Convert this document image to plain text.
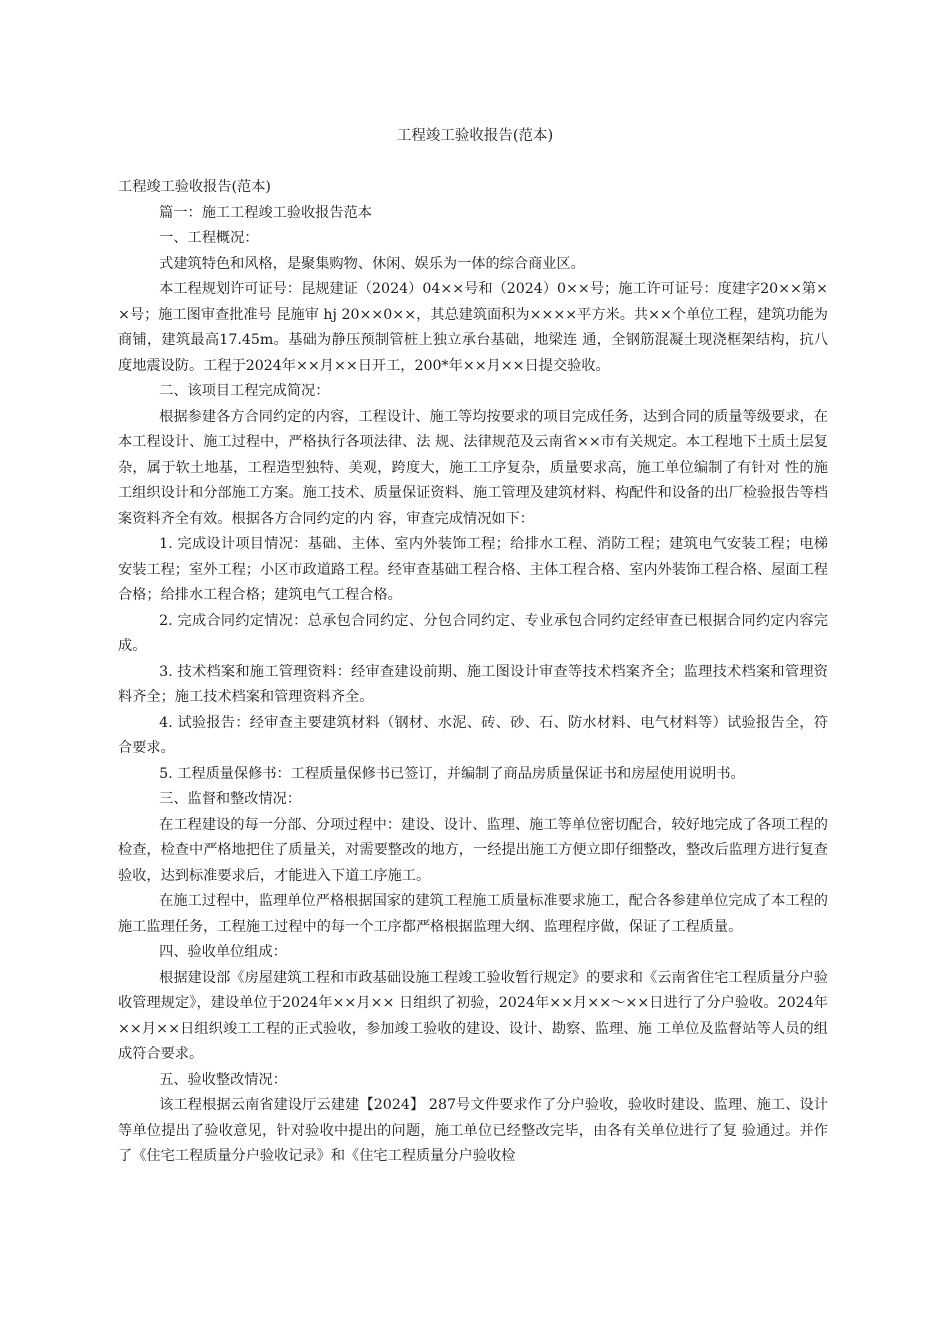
工程竣工验收报告(范本)

工程竣工验收报告(范本)

篇一：施工工程竣工验收报告范本

一、工程概况：

式建筑特色和风格，是聚集购物、休闲、娱乐为一体的综合商业区。

本工程规划许可证号：昆规建证（2024）04××号和（2024）0××号；施工许可证号：度建字20××第××号；施工图审查批准号 昆施审 hj 20××0××，其总建筑面积为××××平方米。共××个单位工程，建筑功能为商铺，建筑最高17.45m。基础为静压预制管桩上独立承台基础，地梁连 通，全钢筋混凝土现浇框架结构，抗八度地震设防。工程于2024年××月××日开工，200*年××月××日提交验收。

二、该项目工程完成简况：

根据参建各方合同约定的内容，工程设计、施工等均按要求的项目完成任务，达到合同的质量等级要求，在本工程设计、施工过程中，严格执行各项法律、法 规、法律规范及云南省××市有关规定。本工程地下土质土层复杂，属于软土地基，工程造型独特、美观，跨度大，施工工序复杂，质量要求高，施工单位编制了有针对 性的施工组织设计和分部施工方案。施工技术、质量保证资料、施工管理及建筑材料、构配件和设备的出厂检验报告等档案资料齐全有效。根据各方合同约定的内 容，审查完成情况如下：

1. 完成设计项目情况：基础、主体、室内外装饰工程；给排水工程、消防工程；建筑电气安装工程；电梯安装工程；室外工程；小区市政道路工程。经审查基础工程合格、主体工程合格、室内外装饰工程合格、屋面工程合格；给排水工程合格；建筑电气工程合格。

2. 完成合同约定情况：总承包合同约定、分包合同约定、专业承包合同约定经审查已根据合同约定内容完成。

3. 技术档案和施工管理资料：经审查建设前期、施工图设计审查等技术档案齐全；监理技术档案和管理资料齐全；施工技术档案和管理资料齐全。

4. 试验报告：经审查主要建筑材料（钢材、水泥、砖、砂、石、防水材料、电气材料等）试验报告全，符合要求。

5. 工程质量保修书：工程质量保修书已签订，并编制了商品房质量保证书和房屋使用说明书。

三、监督和整改情况：

在工程建设的每一分部、分项过程中：建设、设计、监理、施工等单位密切配合，较好地完成了各项工程的检查，检查中严格地把住了质量关，对需要整改的地方，一经提出施工方便立即仔细整改，整改后监理方进行复查验收，达到标准要求后，才能进入下道工序施工。

在施工过程中，监理单位严格根据国家的建筑工程施工质量标准要求施工，配合各参建单位完成了本工程的施工监理任务，工程施工过程中的每一个工序都严格根据监理大纲、监理程序做，保证了工程质量。

四、验收单位组成：

根据建设部《房屋建筑工程和市政基础设施工程竣工验收暂行规定》的要求和《云南省住宅工程质量分户验收管理规定》，建设单位于2024年××月×× 日组织了初验，2024年××月××～××日进行了分户验收。2024年××月××日组织竣工工程的正式验收，参加竣工验收的建设、设计、勘察、监理、施 工单位及监督站等人员的组成符合要求。

五、验收整改情况：

该工程根据云南省建设厅云建建【2024】 287号文件要求作了分户验收，验收时建设、监理、施工、设计等单位提出了验收意见，针对验收中提出的问题，施工单位已经整改完毕，由各有关单位进行了复 验通过。并作了《住宅工程质量分户验收记录》和《住宅工程质量分户验收检
